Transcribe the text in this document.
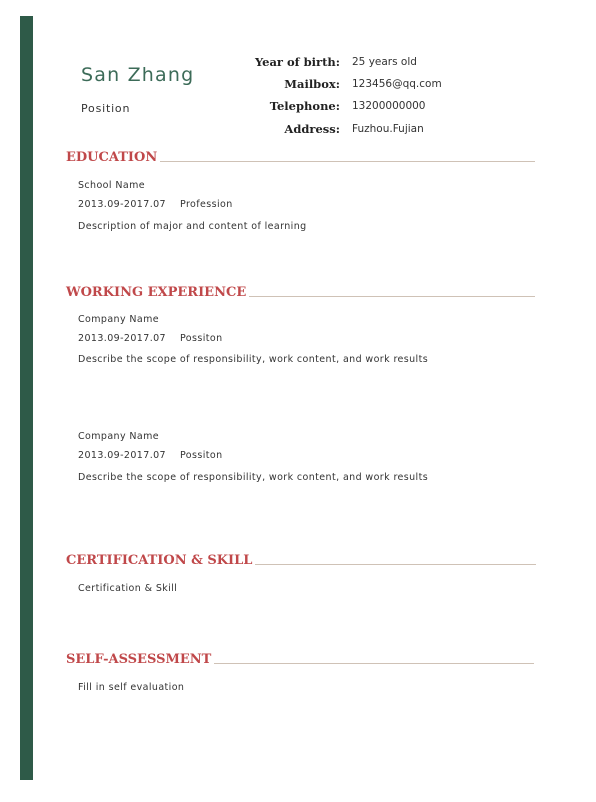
San Zhang
Position
Year of birth: 25 years old
Mailbox: 123456@qq.com
Telephone: 13200000000
Address: Fuzhou.Fujian
EDUCATION
School Name
2013.09-2017.07 Profession
Description of major and content of learning
WORKING EXPERIENCE
Company Name
2013.09-2017.07 Possiton
Describe the scope of responsibility, work content, and work results
Company Name
2013.09-2017.07 Possiton
Describe the scope of responsibility, work content, and work results
CERTIFICATION & SKILL
Certification & Skill
SELF-ASSESSMENT
Fill in self evaluation
